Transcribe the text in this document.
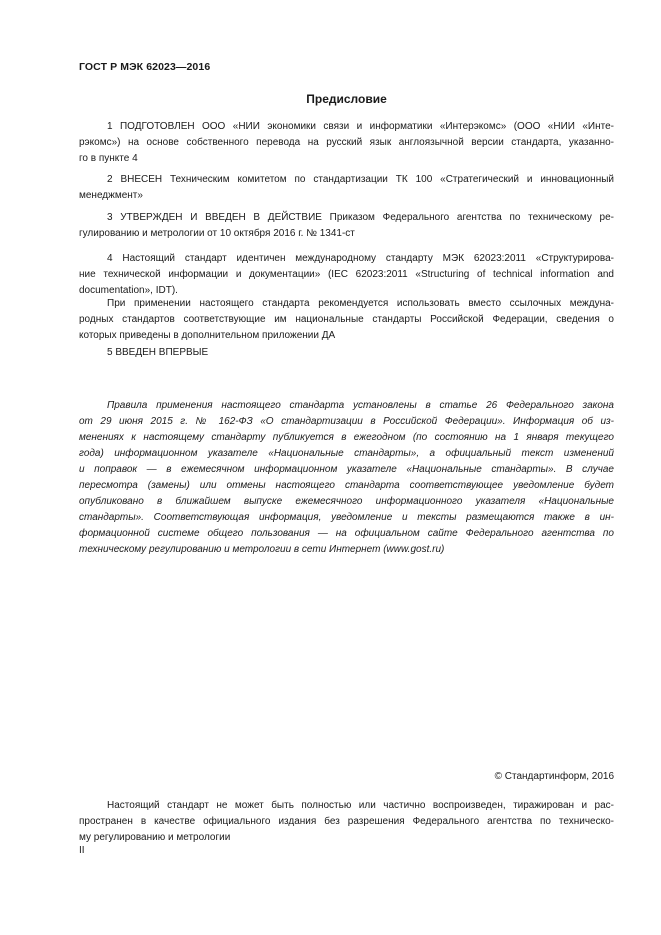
ГОСТ Р МЭК 62023—2016
Предисловие
1 ПОДГОТОВЛЕН ООО «НИИ экономики связи и информатики «Интерэкомс» (ООО «НИИ «Инте-
рэкомс») на основе собственного перевода на русский язык англоязычной версии стандарта, указанно-
го в пункте 4
2 ВНЕСЕН Техническим комитетом по стандартизации ТК 100 «Стратегический и инновационный
менеджмент»
3 УТВЕРЖДЕН И ВВЕДЕН В ДЕЙСТВИЕ Приказом Федерального агентства по техническому ре-
гулированию и метрологии от 10 октября 2016 г. № 1341-ст
4 Настоящий стандарт идентичен международному стандарту МЭК 62023:2011 «Структурирова-
ние технической информации и документации» (IEC 62023:2011 «Structuring of technical information and
documentation», IDT).
При применении настоящего стандарта рекомендуется использовать вместо ссылочных междуна-
родных стандартов соответствующие им национальные стандарты Российской Федерации, сведения о
которых приведены в дополнительном приложении ДА
5 ВВЕДЕН ВПЕРВЫЕ
Правила применения настоящего стандарта установлены в статье 26 Федерального закона
от 29 июня 2015 г. № 162-ФЗ «О стандартизации в Российской Федерации». Информация об из-
менениях к настоящему стандарту публикуется в ежегодном (по состоянию на 1 января текущего
года) информационном указателе «Национальные стандарты», а официальный текст изменений
и поправок — в ежемесячном информационном указателе «Национальные стандарты». В случае
пересмотра (замены) или отмены настоящего стандарта соответствующее уведомление будет
опубликовано в ближайшем выпуске ежемесячного информационного указателя «Национальные
стандарты». Соответствующая информация, уведомление и тексты размещаются также в ин-
формационной системе общего пользования — на официальном сайте Федерального агентства по
техническому регулированию и метрологии в сети Интернет (www.gost.ru)
© Стандартинформ, 2016
Настоящий стандарт не может быть полностью или частично воспроизведен, тиражирован и рас-
пространен в качестве официального издания без разрешения Федерального агентства по техническо-
му регулированию и метрологии
II
